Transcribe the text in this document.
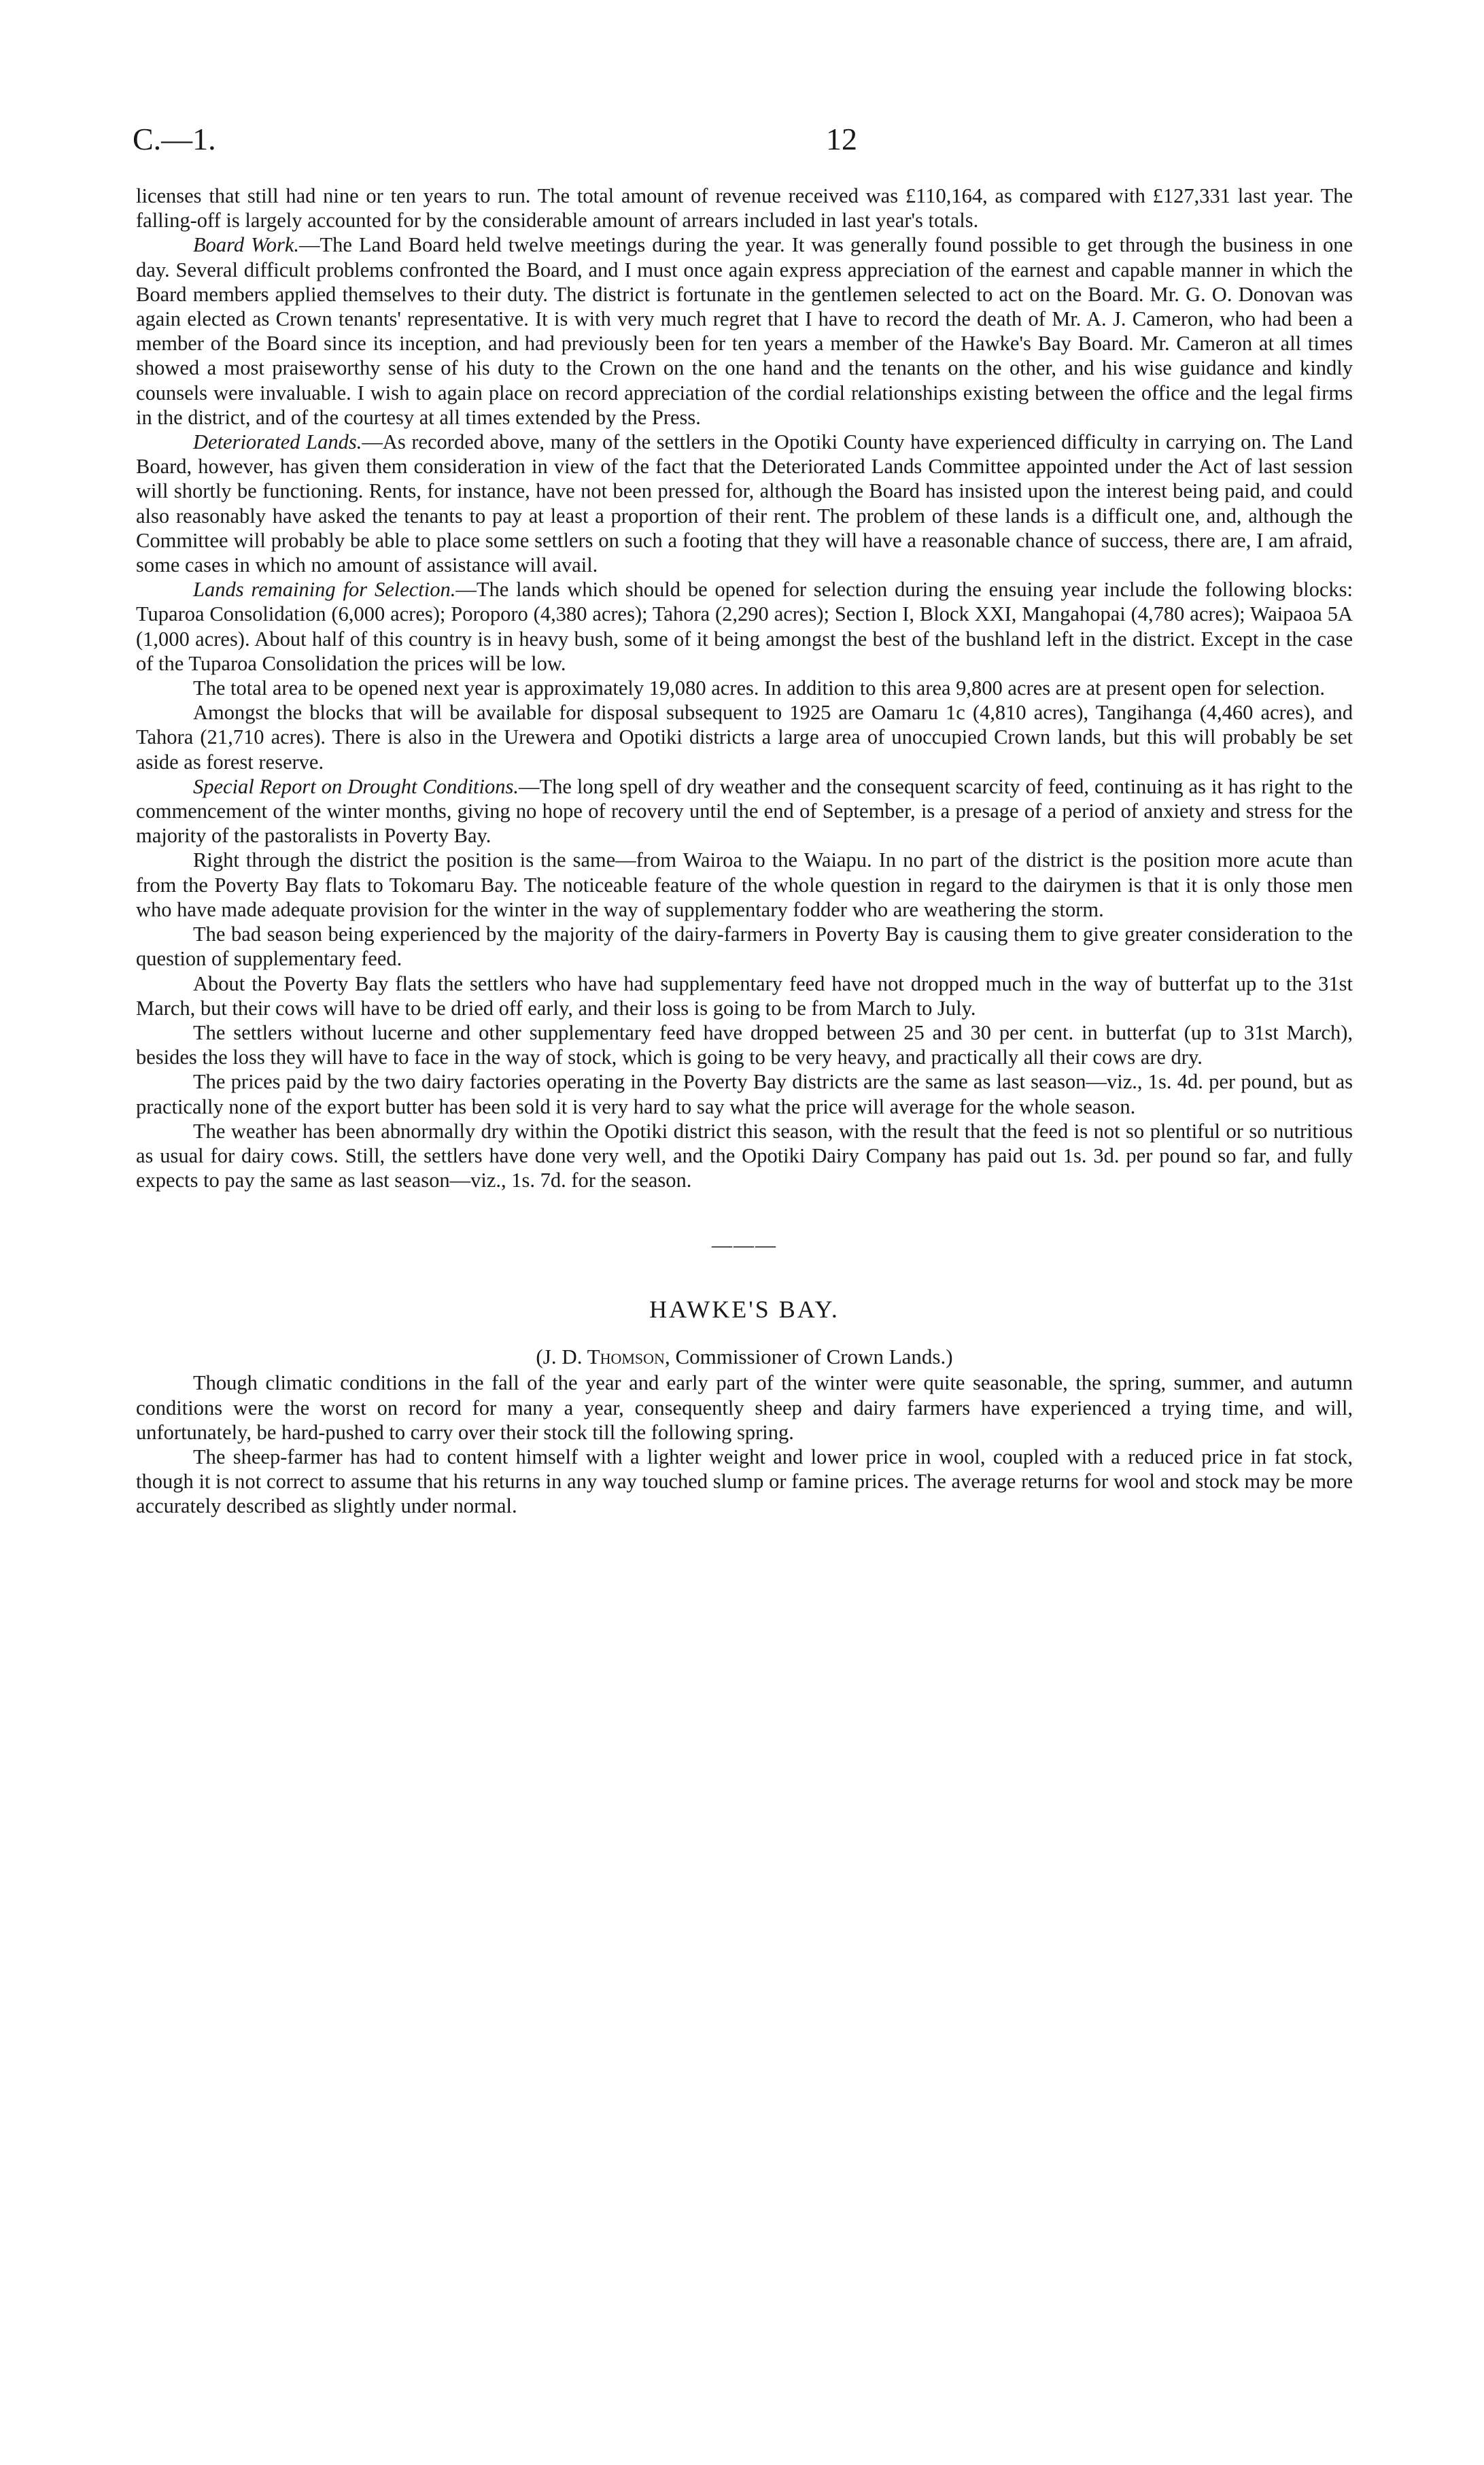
C.—1.	12

licenses that still had nine or ten years to run. The total amount of revenue received was £110,164, as compared with £127,331 last year. The falling-off is largely accounted for by the considerable amount of arrears included in last year's totals.

Board Work.—The Land Board held twelve meetings during the year. It was generally found possible to get through the business in one day. Several difficult problems confronted the Board, and I must once again express appreciation of the earnest and capable manner in which the Board members applied themselves to their duty. The district is fortunate in the gentlemen selected to act on the Board. Mr. G. O. Donovan was again elected as Crown tenants' representative. It is with very much regret that I have to record the death of Mr. A. J. Cameron, who had been a member of the Board since its inception, and had previously been for ten years a member of the Hawke's Bay Board. Mr. Cameron at all times showed a most praiseworthy sense of his duty to the Crown on the one hand and the tenants on the other, and his wise guidance and kindly counsels were invaluable. I wish to again place on record appreciation of the cordial relationships existing between the office and the legal firms in the district, and of the courtesy at all times extended by the Press.

Deteriorated Lands.—As recorded above, many of the settlers in the Opotiki County have experienced difficulty in carrying on. The Land Board, however, has given them consideration in view of the fact that the Deteriorated Lands Committee appointed under the Act of last session will shortly be functioning. Rents, for instance, have not been pressed for, although the Board has insisted upon the interest being paid, and could also reasonably have asked the tenants to pay at least a proportion of their rent. The problem of these lands is a difficult one, and, although the Committee will probably be able to place some settlers on such a footing that they will have a reasonable chance of success, there are, I am afraid, some cases in which no amount of assistance will avail.

Lands remaining for Selection.—The lands which should be opened for selection during the ensuing year include the following blocks: Tuparoa Consolidation (6,000 acres); Poroporo (4,380 acres); Tahora (2,290 acres); Section I, Block XXI, Mangahopai (4,780 acres); Waipaoa 5A (1,000 acres). About half of this country is in heavy bush, some of it being amongst the best of the bushland left in the district. Except in the case of the Tuparoa Consolidation the prices will be low.

The total area to be opened next year is approximately 19,080 acres. In addition to this area 9,800 acres are at present open for selection.

Amongst the blocks that will be available for disposal subsequent to 1925 are Oamaru 1c (4,810 acres), Tangihanga (4,460 acres), and Tahora (21,710 acres). There is also in the Urewera and Opotiki districts a large area of unoccupied Crown lands, but this will probably be set aside as forest reserve.

Special Report on Drought Conditions.—The long spell of dry weather and the consequent scarcity of feed, continuing as it has right to the commencement of the winter months, giving no hope of recovery until the end of September, is a presage of a period of anxiety and stress for the majority of the pastoralists in Poverty Bay.

Right through the district the position is the same—from Wairoa to the Waiapu. In no part of the district is the position more acute than from the Poverty Bay flats to Tokomaru Bay. The noticeable feature of the whole question in regard to the dairymen is that it is only those men who have made adequate provision for the winter in the way of supplementary fodder who are weathering the storm.

The bad season being experienced by the majority of the dairy-farmers in Poverty Bay is causing them to give greater consideration to the question of supplementary feed.

About the Poverty Bay flats the settlers who have had supplementary feed have not dropped much in the way of butterfat up to the 31st March, but their cows will have to be dried off early, and their loss is going to be from March to July.

The settlers without lucerne and other supplementary feed have dropped between 25 and 30 per cent. in butterfat (up to 31st March), besides the loss they will have to face in the way of stock, which is going to be very heavy, and practically all their cows are dry.

The prices paid by the two dairy factories operating in the Poverty Bay districts are the same as last season—viz., 1s. 4d. per pound, but as practically none of the export butter has been sold it is very hard to say what the price will average for the whole season.

The weather has been abnormally dry within the Opotiki district this season, with the result that the feed is not so plentiful or so nutritious as usual for dairy cows. Still, the settlers have done very well, and the Opotiki Dairy Company has paid out 1s. 3d. per pound so far, and fully expects to pay the same as last season—viz., 1s. 7d. for the season.

———
HAWKE'S BAY.
(J. D. Thomson, Commissioner of Crown Lands.)

Though climatic conditions in the fall of the year and early part of the winter were quite seasonable, the spring, summer, and autumn conditions were the worst on record for many a year, consequently sheep and dairy farmers have experienced a trying time, and will, unfortunately, be hard-pushed to carry over their stock till the following spring.

The sheep-farmer has had to content himself with a lighter weight and lower price in wool, coupled with a reduced price in fat stock, though it is not correct to assume that his returns in any way touched slump or famine prices. The average returns for wool and stock may be more accurately described as slightly under normal.
